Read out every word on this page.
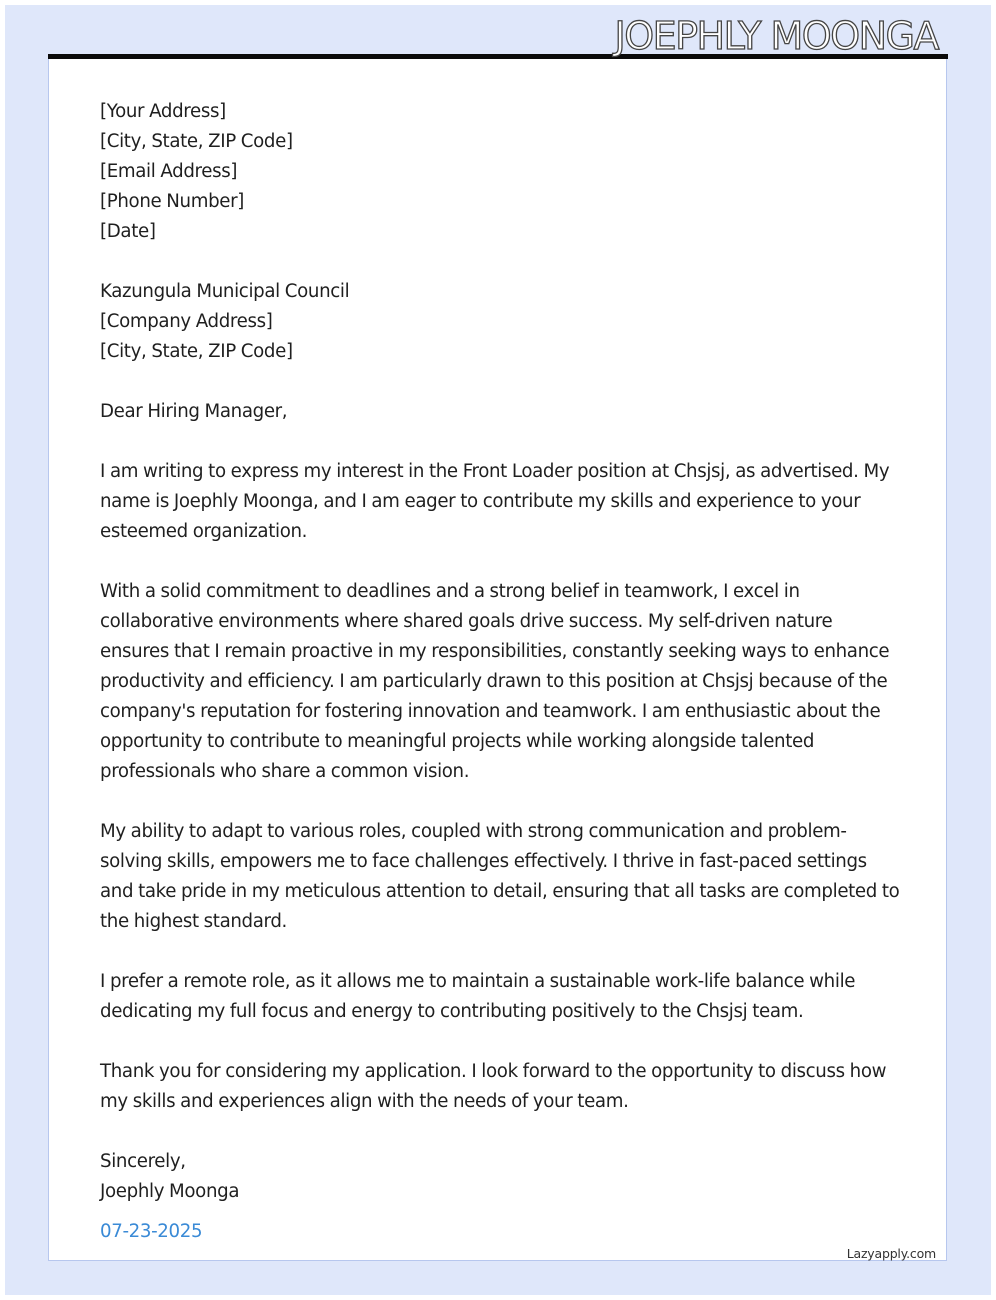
JOEPHLY MOONGA
[Your Address]
[City, State, ZIP Code]
[Email Address]
[Phone Number]
[Date]
Kazungula Municipal Council
[Company Address]
[City, State, ZIP Code]

Dear Hiring Manager,

I am writing to express my interest in the Front Loader position at Chsjsj, as advertised. My name is Joephly Moonga, and I am eager to contribute my skills and experience to your esteemed organization.

With a solid commitment to deadlines and a strong belief in teamwork, I excel in collaborative environments where shared goals drive success. My self-driven nature ensures that I remain proactive in my responsibilities, constantly seeking ways to enhance productivity and efficiency. I am particularly drawn to this position at Chsjsj because of the company's reputation for fostering innovation and teamwork. I am enthusiastic about the opportunity to contribute to meaningful projects while working alongside talented professionals who share a common vision.

My ability to adapt to various roles, coupled with strong communication and problem-solving skills, empowers me to face challenges effectively. I thrive in fast-paced settings and take pride in my meticulous attention to detail, ensuring that all tasks are completed to the highest standard.

I prefer a remote role, as it allows me to maintain a sustainable work-life balance while dedicating my full focus and energy to contributing positively to the Chsjsj team.

Thank you for considering my application. I look forward to the opportunity to discuss how my skills and experiences align with the needs of your team.

Sincerely,
Joephly Moonga
07-23-2025
Lazyapply.com
